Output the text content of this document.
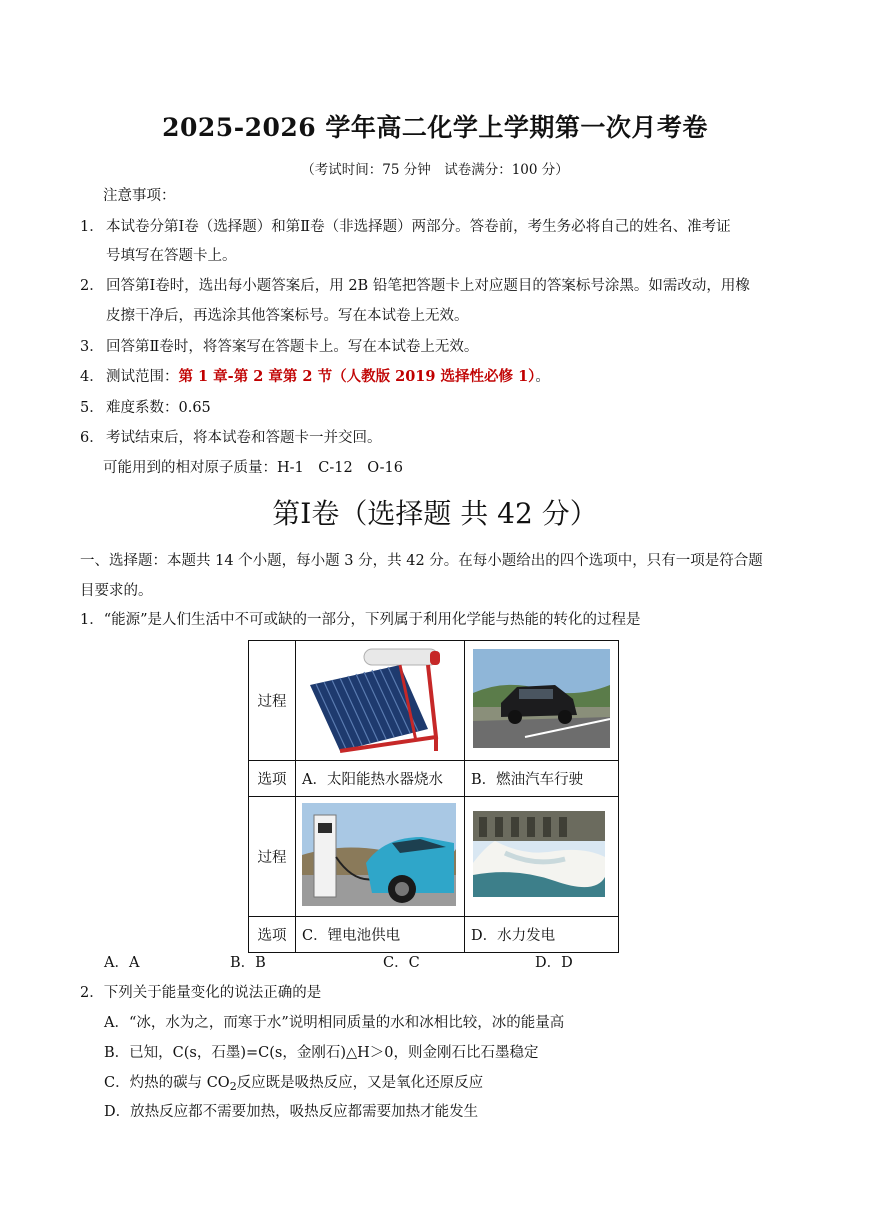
2025-2026 学年高二化学上学期第一次月考卷
（考试时间：75 分钟　试卷满分：100 分）
注意事项：
1． 本试卷分第Ⅰ卷（选择题）和第Ⅱ卷（非选择题）两部分。答卷前，考生务必将自己的姓名、准考证
号填写在答题卡上。
2． 回答第Ⅰ卷时，选出每小题答案后，用 2B 铅笔把答题卡上对应题目的答案标号涂黑。如需改动，用橡
皮擦干净后，再选涂其他答案标号。写在本试卷上无效。
3． 回答第Ⅱ卷时，将答案写在答题卡上。写在本试卷上无效。
4． 测试范围：第 1 章-第 2 章第 2 节（人教版 2019 选择性必修 1）。
5． 难度系数：0.65
6． 考试结束后，将本试卷和答题卡一并交回。
可能用到的相对原子质量：H-1　C-12　O-16
第Ⅰ卷（选择题 共 42 分）
一、选择题：本题共 14 个小题，每小题 3 分，共 42 分。在每小题给出的四个选项中，只有一项是符合题
目要求的。
1．“能源”是人们生活中不可或缺的一部分，下列属于利用化学能与热能的转化的过程是
过程		
选项	A．太阳能热水器烧水	B．燃油汽车行驶
过程		
选项	C．锂电池供电	D．水力发电
A．A	B．B	C．C	D．D
2．下列关于能量变化的说法正确的是
A．“冰，水为之，而寒于水”说明相同质量的水和冰相比较，冰的能量高
B．已知，C(s，石墨)=C(s，金刚石)△H＞0，则金刚石比石墨稳定
C．灼热的碳与 $CO_2$反应既是吸热反应，又是氧化还原反应
D．放热反应都不需要加热，吸热反应都需要加热才能发生
